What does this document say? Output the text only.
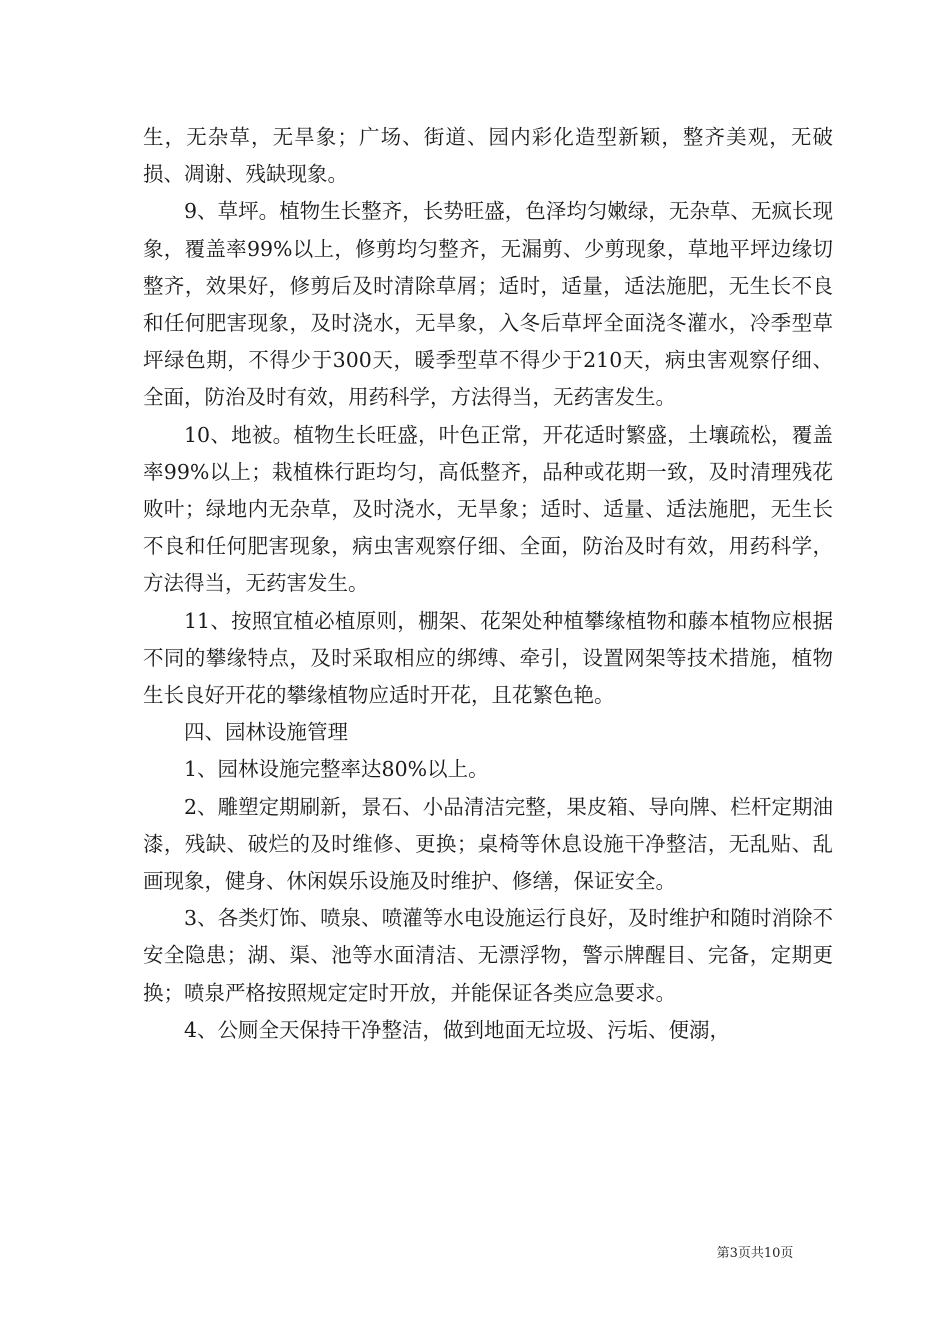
生，无杂草，无旱象；广场、街道、园内彩化造型新颖，整齐美观，无破损、凋谢、残缺现象。

9、草坪。植物生长整齐，长势旺盛，色泽均匀嫩绿，无杂草、无疯长现象，覆盖率99%以上，修剪均匀整齐，无漏剪、少剪现象，草地平坪边缘切整齐，效果好，修剪后及时清除草屑；适时，适量，适法施肥，无生长不良和任何肥害现象，及时浇水，无旱象，入冬后草坪全面浇冬灌水，冷季型草坪绿色期，不得少于300天，暖季型草不得少于210天，病虫害观察仔细、全面，防治及时有效，用药科学，方法得当，无药害发生。

10、地被。植物生长旺盛，叶色正常，开花适时繁盛，土壤疏松，覆盖率99%以上；栽植株行距均匀，高低整齐，品种或花期一致，及时清理残花败叶；绿地内无杂草，及时浇水，无旱象；适时、适量、适法施肥，无生长不良和任何肥害现象，病虫害观察仔细、全面，防治及时有效，用药科学，方法得当，无药害发生。

11、按照宜植必植原则，棚架、花架处种植攀缘植物和藤本植物应根据不同的攀缘特点，及时采取相应的绑缚、牵引，设置网架等技术措施，植物生长良好开花的攀缘植物应适时开花，且花繁色艳。

四、园林设施管理

1、园林设施完整率达80%以上。

2、雕塑定期刷新，景石、小品清洁完整，果皮箱、导向牌、栏杆定期油漆，残缺、破烂的及时维修、更换；桌椅等休息设施干净整洁，无乱贴、乱画现象，健身、休闲娱乐设施及时维护、修缮，保证安全。

3、各类灯饰、喷泉、喷灌等水电设施运行良好，及时维护和随时消除不安全隐患；湖、渠、池等水面清洁、无漂浮物，警示牌醒目、完备，定期更换；喷泉严格按照规定定时开放，并能保证各类应急要求。

4、公厕全天保持干净整洁，做到地面无垃圾、污垢、便溺，

第3页共10页
